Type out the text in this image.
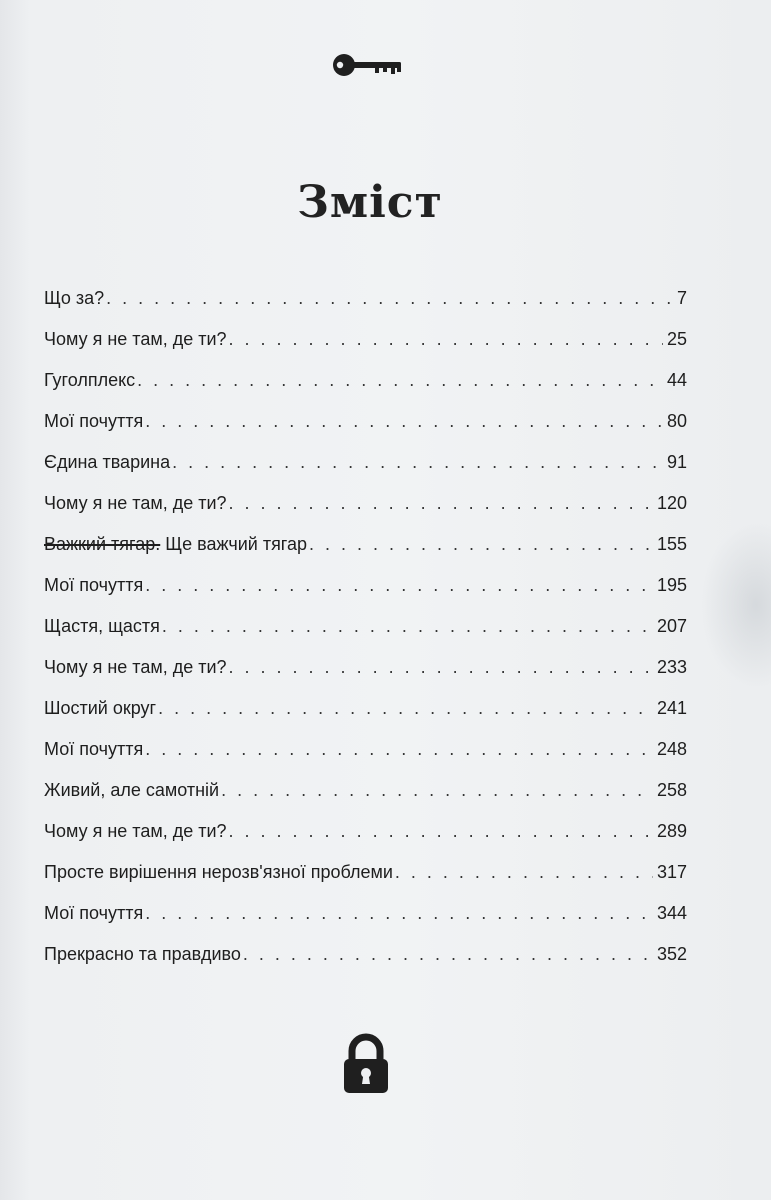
Зміст
Що за? . . .	7
Чому я не там, де ти? . . .	25
Гуголплекс . . .	44
Мої почуття . . .	80
Єдина тварина . . .	91
Чому я не там, де ти? . . .	120
Важкий тягар. Ще важчий тягар . . .	155
Мої почуття . . .	195
Щастя, щастя . . .	207
Чому я не там, де ти? . . .	233
Шостий округ . . .	241
Мої почуття . . .	248
Живий, але самотній . . .	258
Чому я не там, де ти? . . .	289
Просте вирішення нерозв'язної проблеми . . .	317
Мої почуття . . .	344
Прекрасно та правдиво . . .	352
